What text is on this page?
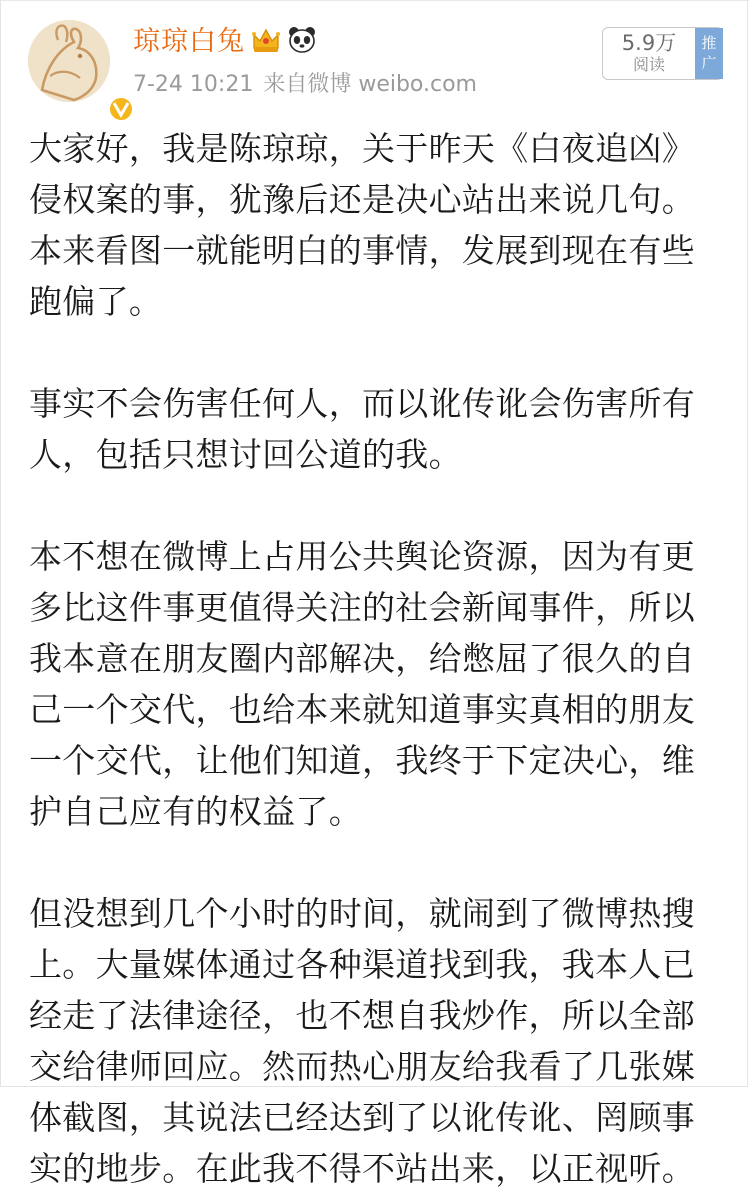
琼琼白兔
7-24 10:21 来自微博 weibo.com
5.9万
阅读
推
广
大家好，我是陈琼琼，关于昨天《白夜追凶》
侵权案的事，犹豫后还是决心站出来说几句。
本来看图一就能明白的事情，发展到现在有些
跑偏了。
事实不会伤害任何人，而以讹传讹会伤害所有
人，包括只想讨回公道的我。
本不想在微博上占用公共舆论资源，因为有更
多比这件事更值得关注的社会新闻事件，所以
我本意在朋友圈内部解决，给憋屈了很久的自
己一个交代，也给本来就知道事实真相的朋友
一个交代，让他们知道，我终于下定决心，维
护自己应有的权益了。
但没想到几个小时的时间，就闹到了微博热搜
上。大量媒体通过各种渠道找到我，我本人已
经走了法律途径，也不想自我炒作，所以全部
交给律师回应。然而热心朋友给我看了几张媒
体截图，其说法已经达到了以讹传讹、罔顾事
实的地步。在此我不得不站出来，以正视听。
